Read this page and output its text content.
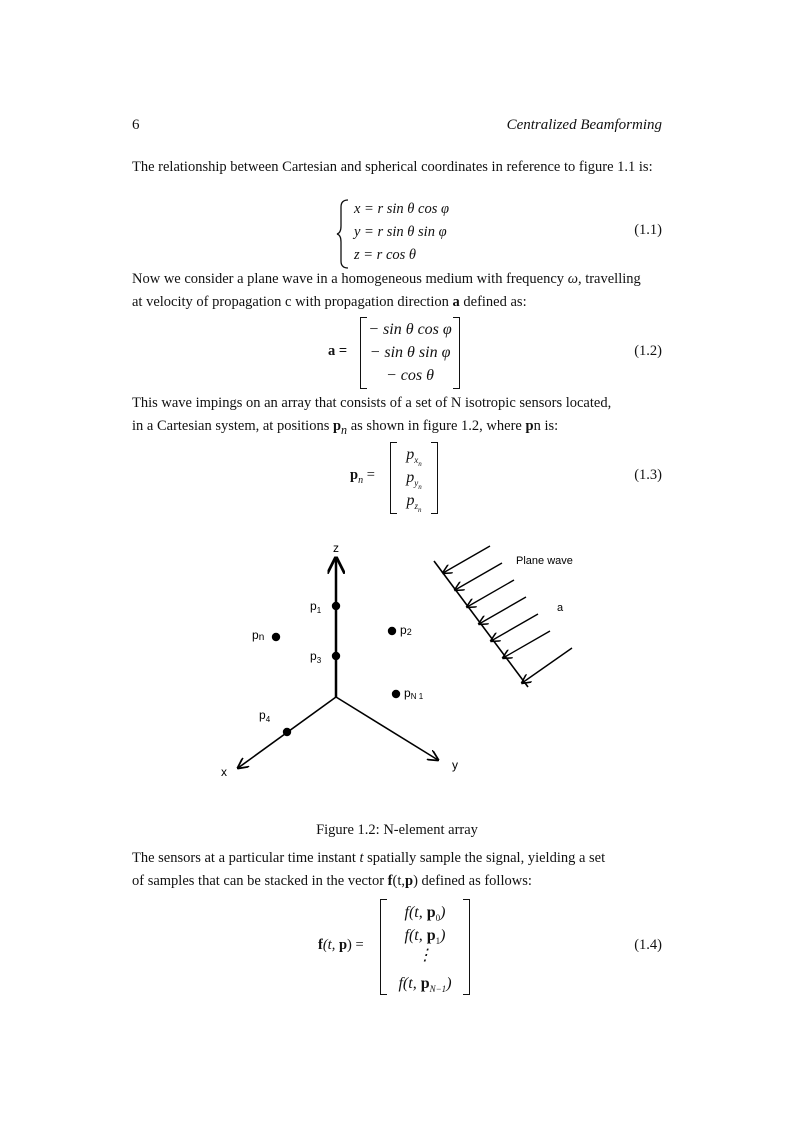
6	Centralized Beamforming
The relationship between Cartesian and spherical coordinates in reference to figure 1.1 is:
x = r sin θ cos φ
y = r sin θ sin φ
z = r cos θ
(1.1)
Now we consider a plane wave in a homogeneous medium with frequency ω, travelling
at velocity of propagation c with propagation direction a defined as:
a =
− sin θ cos φ
− sin θ sin φ
− cos θ
(1.2)
This wave impings on an array that consists of a set of N isotropic sensors located,
in a Cartesian system, at positions $p_n$ as shown in figure 1.2, where pn is:
$p_n$ =
$p_{x_n}$
$p_{y_n}$
$p_{z_n}$
(1.3)
z
x	y
$p_1$
pn
$p_3$
p2
pN 1
$p_4$
Plane wave
a
Figure 1.2: N-element array
The sensors at a particular time instant t spatially sample the signal, yielding a set
of samples that can be stacked in the vector f(t,p) defined as follows:
f(t, p) =
f(t, $p_0$)
f(t, $p_1$)
⋮
f(t, $p_{N-1}$)
(1.4)
